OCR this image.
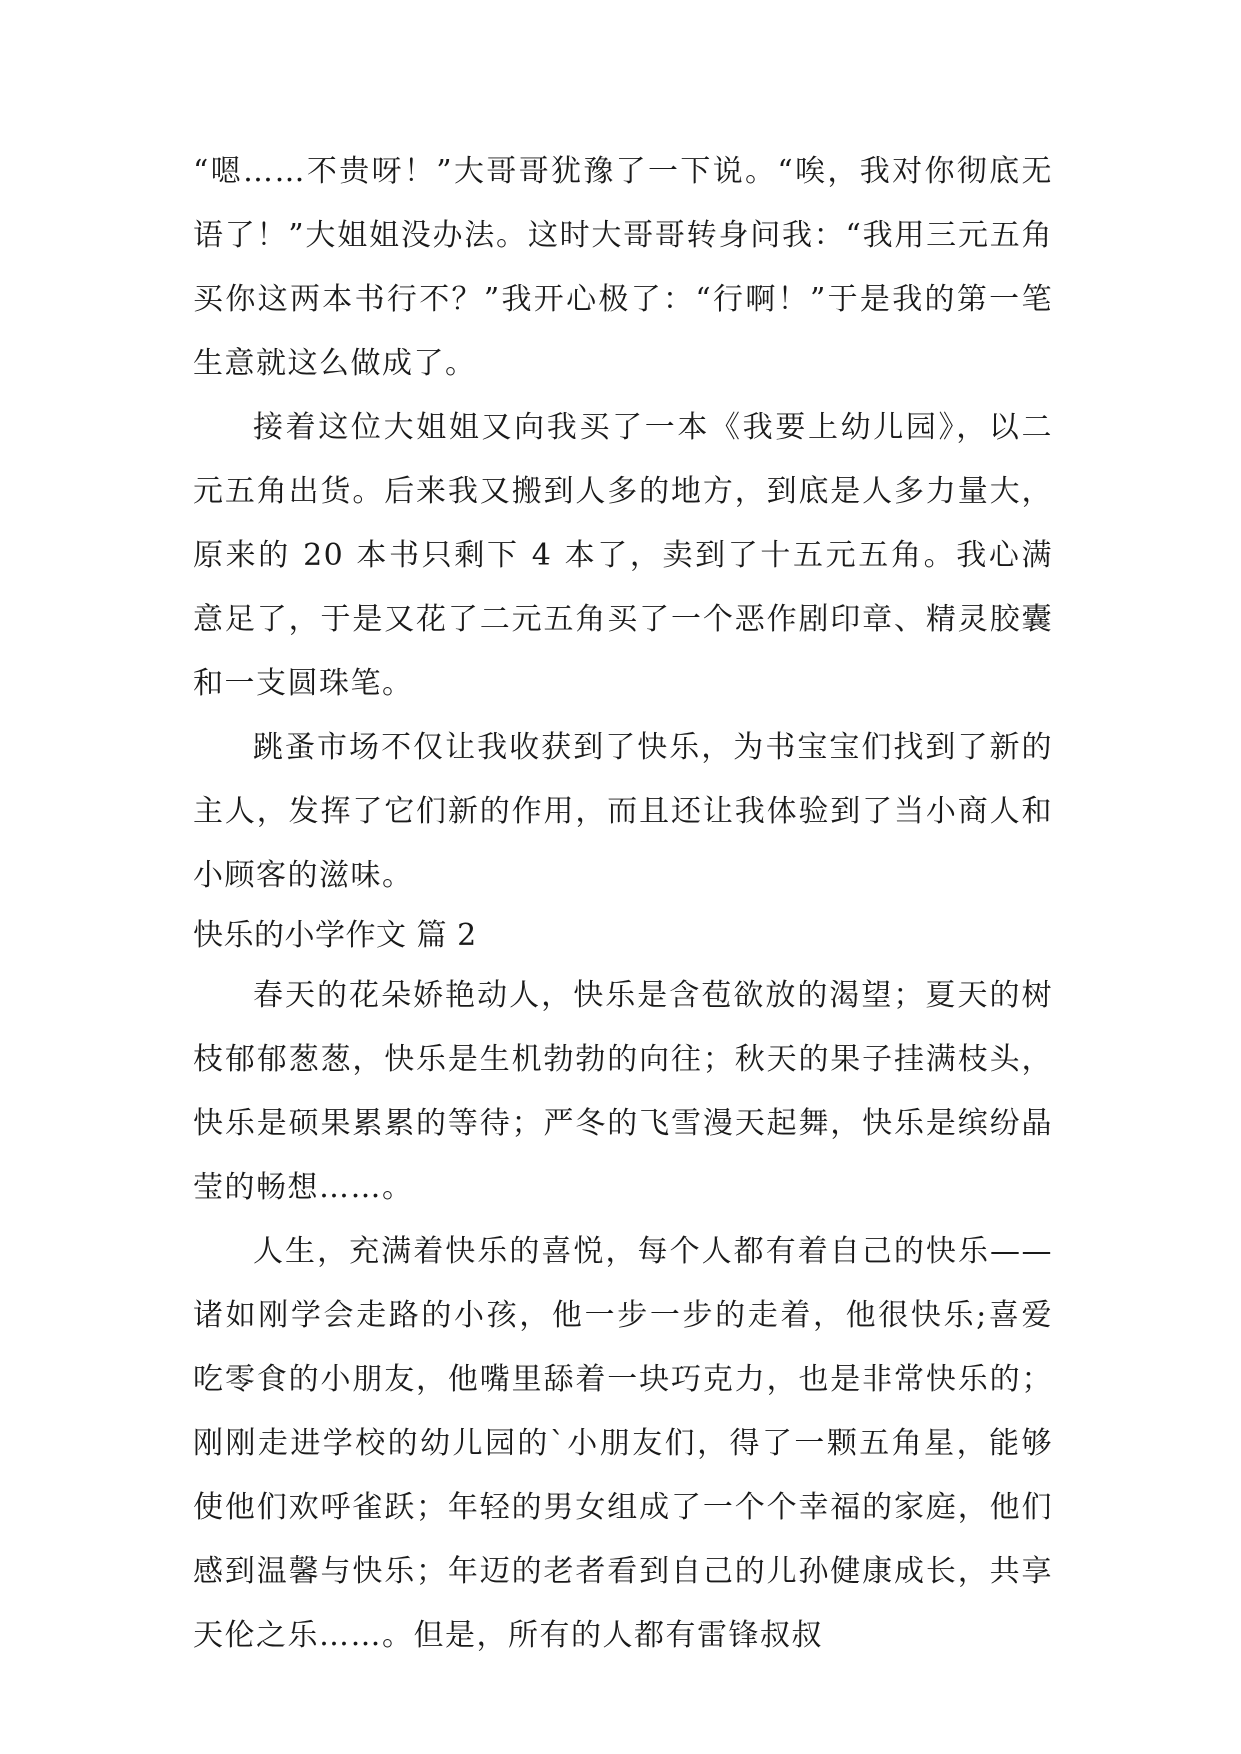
“嗯……不贵呀！”大哥哥犹豫了一下说。“唉，我对你彻底无语了！”大姐姐没办法。这时大哥哥转身问我：“我用三元五角买你这两本书行不？”我开心极了：“行啊！”于是我的第一笔生意就这么做成了。

接着这位大姐姐又向我买了一本《我要上幼儿园》，以二元五角出货。后来我又搬到人多的地方，到底是人多力量大，原来的 20 本书只剩下 4 本了，卖到了十五元五角。我心满意足了，于是又花了二元五角买了一个恶作剧印章、精灵胶囊和一支圆珠笔。

跳蚤市场不仅让我收获到了快乐，为书宝宝们找到了新的主人，发挥了它们新的作用，而且还让我体验到了当小商人和小顾客的滋味。

快乐的小学作文 篇 2

春天的花朵娇艳动人，快乐是含苞欲放的渴望；夏天的树枝郁郁葱葱，快乐是生机勃勃的向往；秋天的果子挂满枝头，快乐是硕果累累的等待；严冬的飞雪漫天起舞，快乐是缤纷晶莹的畅想……。

人生，充满着快乐的喜悦，每个人都有着自己的快乐——诸如刚学会走路的小孩，他一步一步的走着，他很快乐;喜爱吃零食的小朋友，他嘴里舔着一块巧克力，也是非常快乐的；刚刚走进学校的幼儿园的`小朋友们，得了一颗五角星，能够使他们欢呼雀跃；年轻的男女组成了一个个幸福的家庭，他们感到温馨与快乐；年迈的老者看到自己的儿孙健康成长，共享天伦之乐……。但是，所有的人都有雷锋叔叔
